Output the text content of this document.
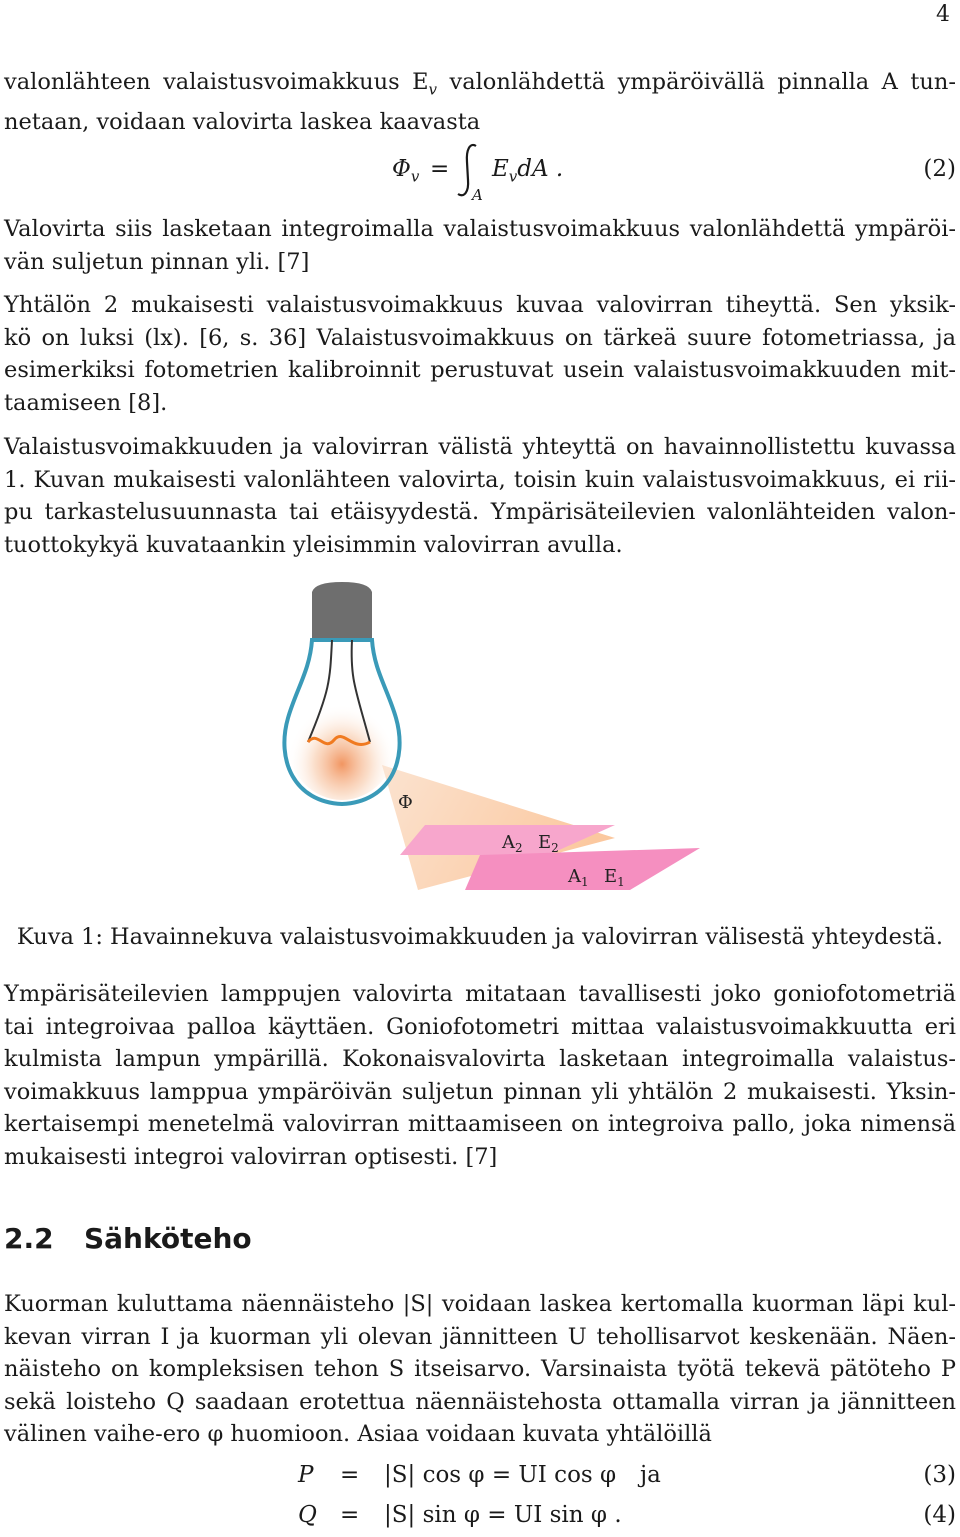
4
valonlähteen valaistusvoimakkuus $E_v$ valonlähdettä ympäröivällä pinnalla A tun-
netaan, voidaan valovirta laskea kaavasta
$\Phi_v$ =
A
$E_vdA$ .	(2)
Valovirta siis lasketaan integroimalla valaistusvoimakkuus valonlähdettä ympäröi-
vän suljetun pinnan yli. [7]
Yhtälön 2 mukaisesti valaistusvoimakkuus kuvaa valovirran tiheyttä. Sen yksik-
kö on luksi (lx). [6, s. 36] Valaistusvoimakkuus on tärkeä suure fotometriassa, ja
esimerkiksi fotometrien kalibroinnit perustuvat usein valaistusvoimakkuuden mit-
taamiseen [8].
Valaistusvoimakkuuden ja valovirran välistä yhteyttä on havainnollistettu kuvassa
1. Kuvan mukaisesti valonlähteen valovirta, toisin kuin valaistusvoimakkuus, ei rii-
pu tarkastelusuunnasta tai etäisyydestä. Ympärisäteilevien valonlähteiden valon-
tuottokykyä kuvataankin yleisimmin valovirran avulla.
Φ
$A_2$ $E_2$
$A_1$ $E_1$
Kuva 1: Havainnekuva valaistusvoimakkuuden ja valovirran välisestä yhteydestä.
Ympärisäteilevien lamppujen valovirta mitataan tavallisesti joko goniofotometriä
tai integroivaa palloa käyttäen. Goniofotometri mittaa valaistusvoimakkuutta eri
kulmista lampun ympärillä. Kokonaisvalovirta lasketaan integroimalla valaistus-
voimakkuus lamppua ympäröivän suljetun pinnan yli yhtälön 2 mukaisesti. Yksin-
kertaisempi menetelmä valovirran mittaamiseen on integroiva pallo, joka nimensä
mukaisesti integroi valovirran optisesti. [7]
2.2 Sähköteho
Kuorman kuluttama näennäisteho |S| voidaan laskea kertomalla kuorman läpi kul-
kevan virran I ja kuorman yli olevan jännitteen U tehollisarvot keskenään. Näen-
näisteho on kompleksisen tehon S itseisarvo. Varsinaista työtä tekevä pätöteho P
sekä loisteho Q saadaan erotettua näennäistehosta ottamalla virran ja jännitteen
välinen vaihe-ero φ huomioon. Asiaa voidaan kuvata yhtälöillä
P = |S| cos φ = UI cos φ ja	(3)
Q = |S| sin φ = UI sin φ .	(4)
